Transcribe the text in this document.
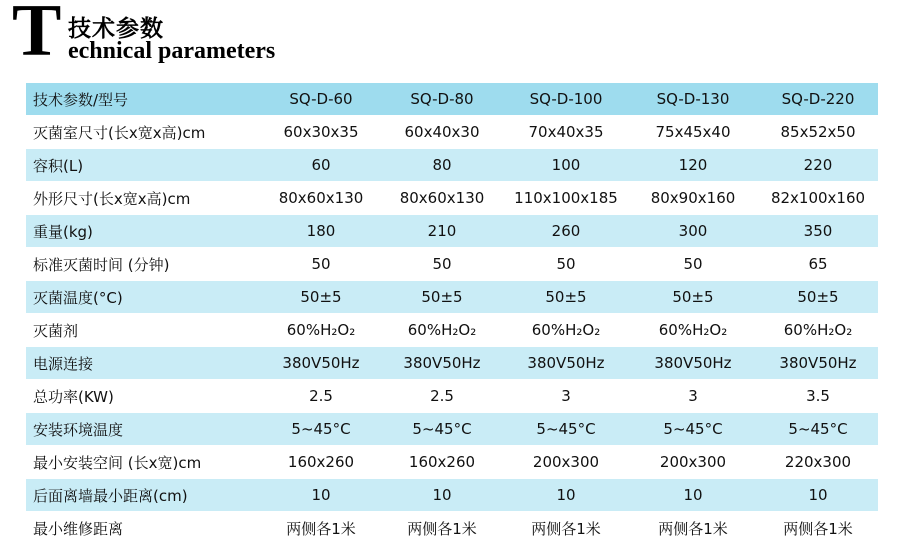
T 技术参数
echnical parameters
技术参数/型号	SQ-D-60	SQ-D-80	SQ-D-100	SQ-D-130	SQ-D-220
灭菌室尺寸(长x宽x高)cm	60x30x35	60x40x30	70x40x35	75x45x40	85x52x50
容积(L)	60	80	100	120	220
外形尺寸(长x宽x高)cm	80x60x130	80x60x130	110x100x185	80x90x160	82x100x160
重量(kg)	180	210	260	300	350
标准灭菌时间 (分钟)	50	50	50	50	65
灭菌温度(°C)	50±5	50±5	50±5	50±5	50±5
灭菌剂	60%H₂O₂	60%H₂O₂	60%H₂O₂	60%H₂O₂	60%H₂O₂
电源连接	380V50Hz	380V50Hz	380V50Hz	380V50Hz	380V50Hz
总功率(KW)	2.5	2.5	3	3	3.5
安装环境温度	5~45°C	5~45°C	5~45°C	5~45°C	5~45°C
最小安装空间 (长x宽)cm	160x260	160x260	200x300	200x300	220x300
后面离墙最小距离(cm)	10	10	10	10	10
最小维修距离	两侧各1米	两侧各1米	两侧各1米	两侧各1米	两侧各1米
